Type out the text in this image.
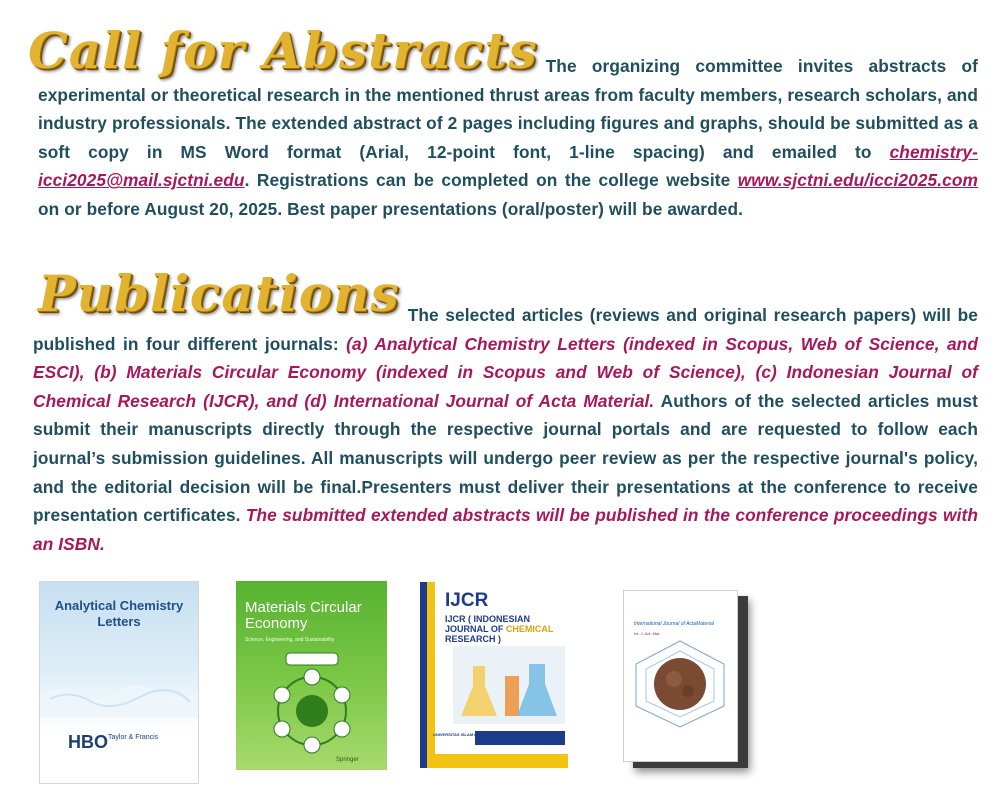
Call for Abstracts The organizing committee invites abstracts of experimental or theoretical research in the mentioned thrust areas from faculty members, research scholars, and industry professionals. The extended abstract of 2 pages including figures and graphs, should be submitted as a soft copy in MS Word format (Arial, 12-point font, 1-line spacing) and emailed to chemistry-icci2025@mail.sjctni.edu. Registrations can be completed on the college website www.sjctni.edu/icci2025.com on or before August 20, 2025. Best paper presentations (oral/poster) will be awarded.
Publications The selected articles (reviews and original research papers) will be published in four different journals: (a) Analytical Chemistry Letters (indexed in Scopus, Web of Science, and ESCI), (b) Materials Circular Economy (indexed in Scopus and Web of Science), (c) Indonesian Journal of Chemical Research (IJCR), and (d) International Journal of Acta Material. Authors of the selected articles must submit their manuscripts directly through the respective journal portals and are requested to follow each journal’s submission guidelines. All manuscripts will undergo peer review as per the respective journal's policy, and the editorial decision will be final.Presenters must deliver their presentations at the conference to receive presentation certificates. The submitted extended abstracts will be published in the conference proceedings with an ISBN.
Analytical Chemistry Letters
HBO Taylor & Francis
Materials Circular Economy
Science, Engineering, and Sustainability
Springer
IJCR
IJCR ( INDONESIAN JOURNAL OF CHEMICAL RESEARCH )
UNIVERSITAS ISLAM INDONESIA
International Journal of ActaMaterial
Int. J. Act. Mat.
